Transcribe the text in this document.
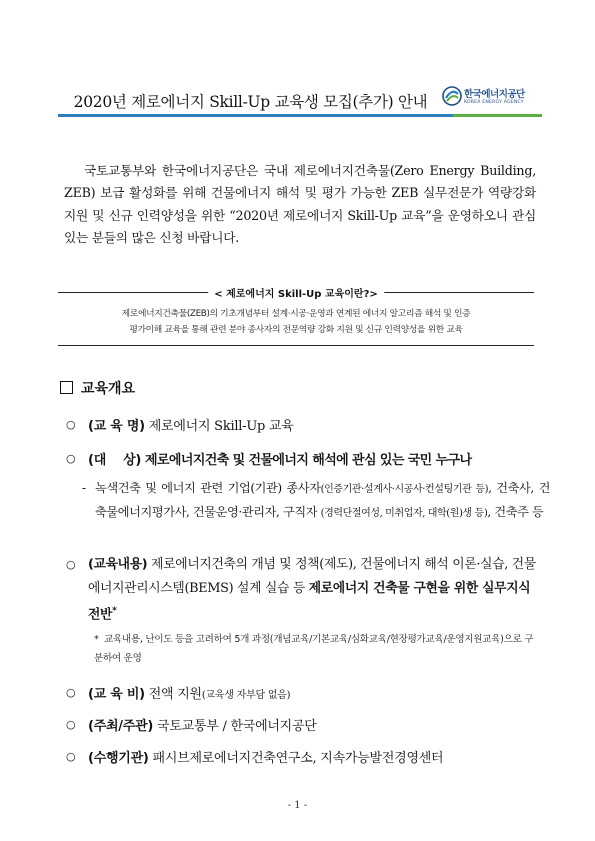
2020년 제로에너지 Skill-Up 교육생 모집(추가) 안내	한국에너지공단
KOREA ENERGY AGENCY

국토교통부와 한국에너지공단은 국내 제로에너지건축물(Zero Energy Building, ZEB) 보급 활성화를 위해 건물에너지 해석 및 평가 가능한 ZEB 실무전문가 역량강화 지원 및 신규 인력양성을 위한 “2020년 제로에너지 Skill-Up 교육”을 운영하오니 관심 있는 분들의 많은 신청 바랍니다.

< 제로에너지 Skill-Up 교육이란?>
제로에너지건축물(ZEB)의 기초개념부터 설계·시공·운영과 연계된 에너지 알고리즘 해석 및 인증
평가이해 교육을 통해 관련 분야 종사자의 전문역량 강화 지원 및 신규 인력양성을 위한 교육
교육개요
○ (교 육 명) 제로에너지 Skill-Up 교육
○ (대    상) 제로에너지건축 및 건물에너지 해석에 관심 있는 국민 누구나
- 녹색건축 및 에너지 관련 기업(기관) 종사자(인증기관·설계사·시공사·컨설팅기관 등), 건축사, 건축물에너지평가사, 건물운영·관리자, 구직자 (경력단절여성, 미취업자, 대학(원)생 등), 건축주 등
○ (교육내용) 제로에너지건축의 개념 및 정책(제도), 건물에너지 해석 이론·실습, 건물에너지관리시스템(BEMS) 설계 실습 등 제로에너지 건축물 구현을 위한 실무지식 전반*
* 교육내용, 난이도 등을 고려하여 5개 과정(개념교육/기본교육/심화교육/현장평가교육/운영지원교육)으로 구분하여 운영
○ (교 육 비) 전액 지원(교육생 자부담 없음)
○ (주최/주관) 국토교통부 / 한국에너지공단
○ (수행기관) 패시브제로에너지건축연구소, 지속가능발전경영센터
- 1 -
